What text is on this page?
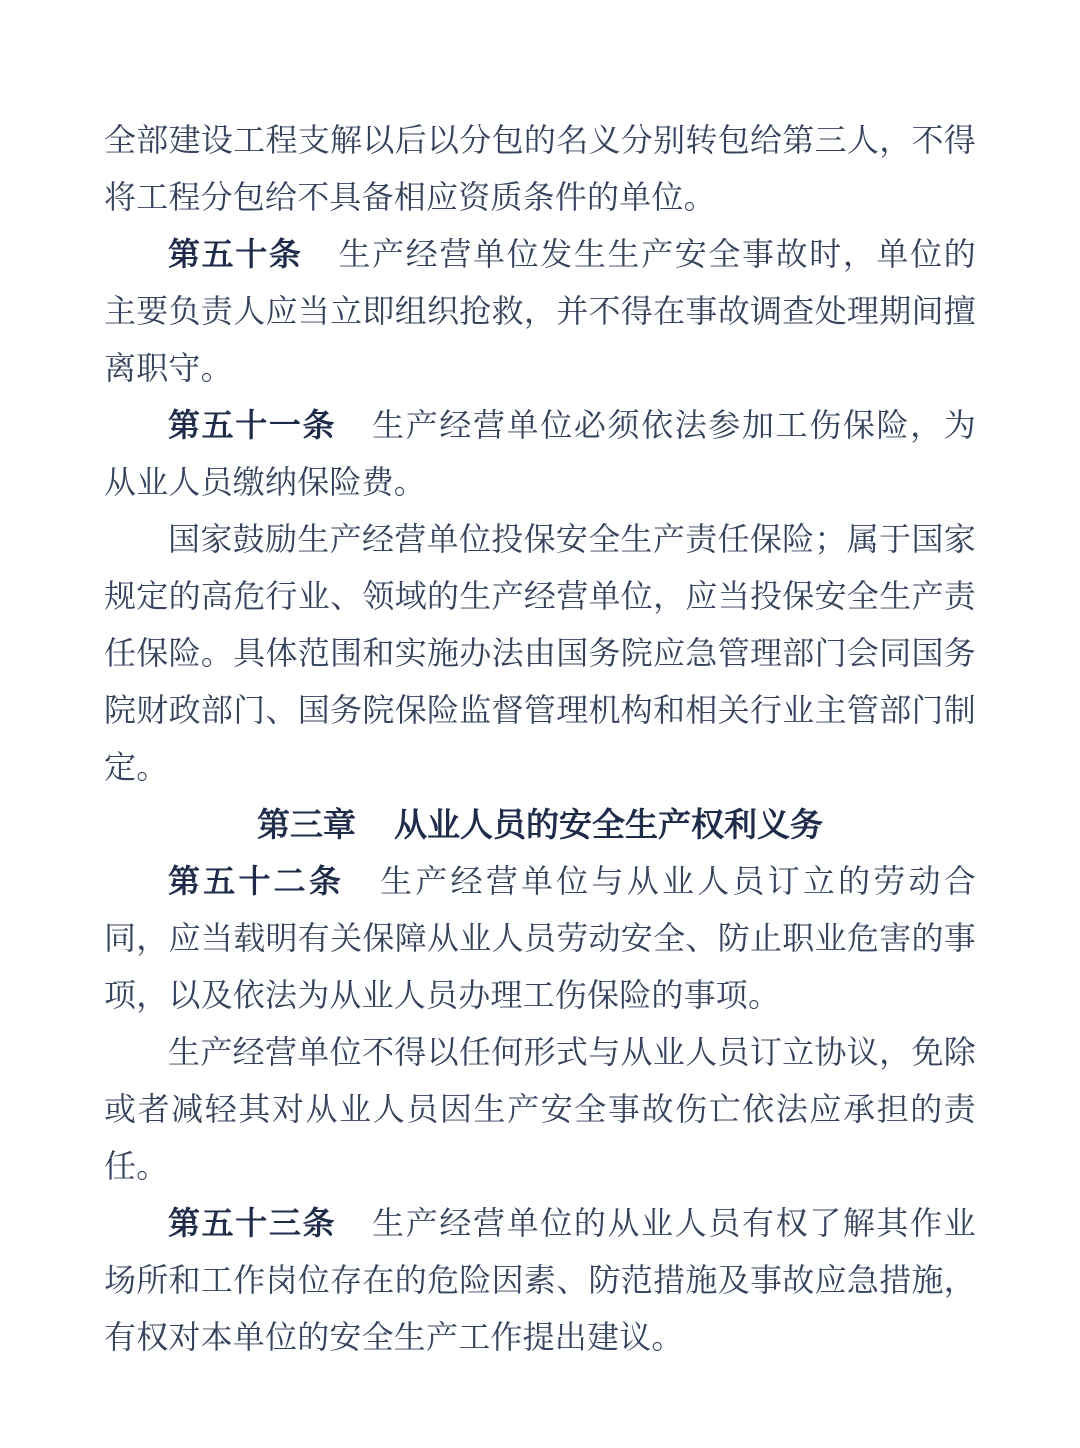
全部建设工程支解以后以分包的名义分别转包给第三人，不得将工程分包给不具备相应资质条件的单位。

第五十条 生产经营单位发生生产安全事故时，单位的主要负责人应当立即组织抢救，并不得在事故调查处理期间擅离职守。

第五十一条 生产经营单位必须依法参加工伤保险，为从业人员缴纳保险费。

国家鼓励生产经营单位投保安全生产责任保险；属于国家规定的高危行业、领域的生产经营单位，应当投保安全生产责任保险。具体范围和实施办法由国务院应急管理部门会同国务院财政部门、国务院保险监督管理机构和相关行业主管部门制定。

第三章 从业人员的安全生产权利义务

第五十二条 生产经营单位与从业人员订立的劳动合同，应当载明有关保障从业人员劳动安全、防止职业危害的事项，以及依法为从业人员办理工伤保险的事项。

生产经营单位不得以任何形式与从业人员订立协议，免除或者减轻其对从业人员因生产安全事故伤亡依法应承担的责任。

第五十三条 生产经营单位的从业人员有权了解其作业场所和工作岗位存在的危险因素、防范措施及事故应急措施，有权对本单位的安全生产工作提出建议。
